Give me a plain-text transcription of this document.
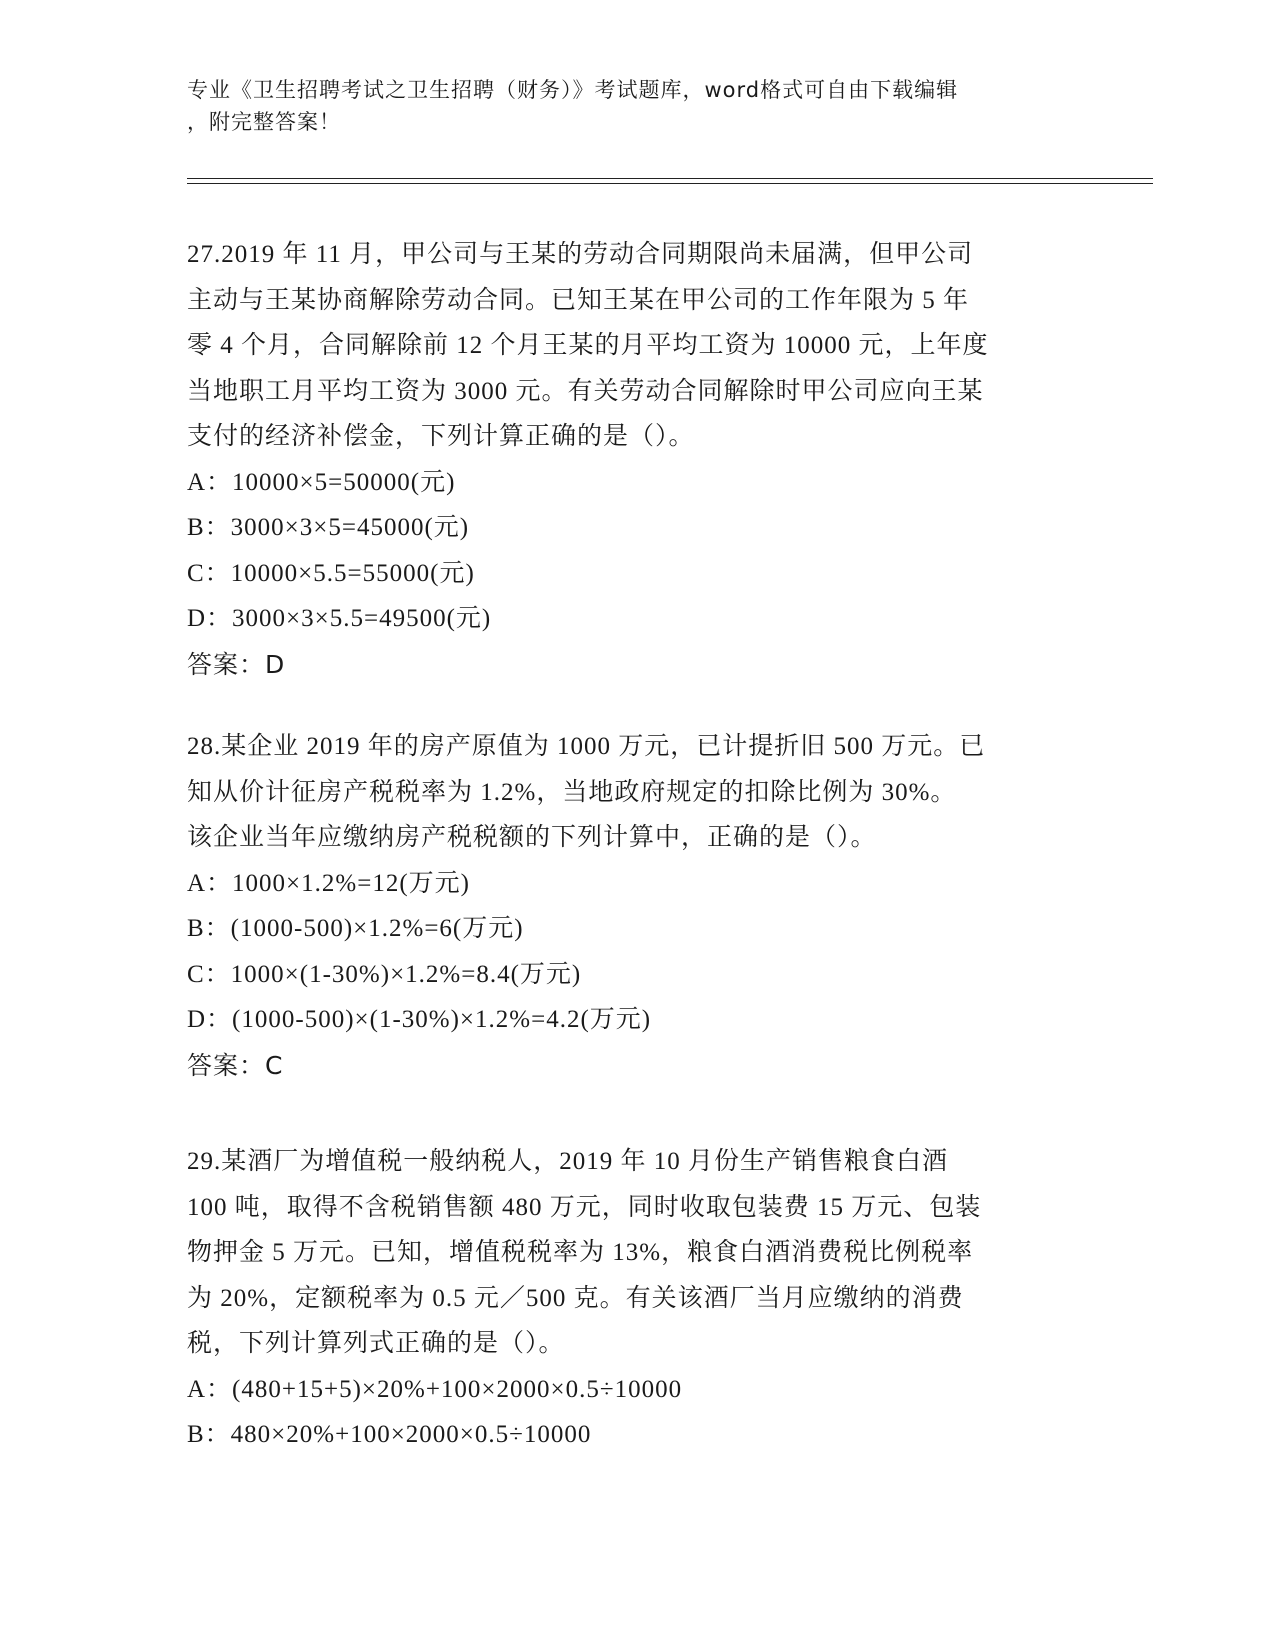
专业《卫生招聘考试之卫生招聘（财务）》考试题库，word格式可自由下载编辑
，附完整答案！
27.2019 年 11 月，甲公司与王某的劳动合同期限尚未届满，但甲公司
主动与王某协商解除劳动合同。已知王某在甲公司的工作年限为 5 年
零 4 个月，合同解除前 12 个月王某的月平均工资为 10000 元，上年度
当地职工月平均工资为 3000 元。有关劳动合同解除时甲公司应向王某
支付的经济补偿金，下列计算正确的是（）。
A：10000×5=50000(元)
B：3000×3×5=45000(元)
C：10000×5.5=55000(元)
D：3000×3×5.5=49500(元)
答案：D
28.某企业 2019 年的房产原值为 1000 万元，已计提折旧 500 万元。已
知从价计征房产税税率为 1.2%，当地政府规定的扣除比例为 30%。
该企业当年应缴纳房产税税额的下列计算中，正确的是（）。
A：1000×1.2%=12(万元)
B：(1000-500)×1.2%=6(万元)
C：1000×(1-30%)×1.2%=8.4(万元)
D：(1000-500)×(1-30%)×1.2%=4.2(万元)
答案：C
29.某酒厂为增值税一般纳税人，2019 年 10 月份生产销售粮食白酒
100 吨，取得不含税销售额 480 万元，同时收取包装费 15 万元、包装
物押金 5 万元。已知，增值税税率为 13%，粮食白酒消费税比例税率
为 20%，定额税率为 0.5 元／500 克。有关该酒厂当月应缴纳的消费
税，下列计算列式正确的是（）。
A：(480+15+5)×20%+100×2000×0.5÷10000
B：480×20%+100×2000×0.5÷10000
